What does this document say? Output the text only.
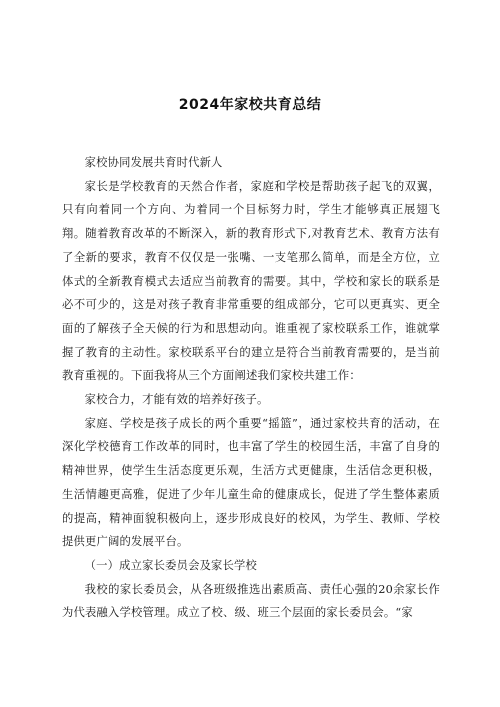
2024年家校共育总结

家校协同发展共育时代新人

家长是学校教育的天然合作者，家庭和学校是帮助孩子起飞的双翼，只有向着同一个方向、为着同一个目标努力时，学生才能够真正展翅飞翔。随着教育改革的不断深入，新的教育形式下,对教育艺术、教育方法有了全新的要求，教育不仅仅是一张嘴、一支笔那么简单，而是全方位，立体式的全新教育模式去适应当前教育的需要。其中，学校和家长的联系是必不可少的，这是对孩子教育非常重要的组成部分，它可以更真实、更全面的了解孩子全天候的行为和思想动向。谁重视了家校联系工作，谁就掌握了教育的主动性。家校联系平台的建立是符合当前教育需要的，是当前教育重视的。下面我将从三个方面阐述我们家校共建工作：

家校合力，才能有效的培养好孩子。

家庭、学校是孩子成长的两个重要“摇篮”，通过家校共育的活动，在深化学校德育工作改革的同时，也丰富了学生的校园生活，丰富了自身的精神世界，使学生生活态度更乐观，生活方式更健康，生活信念更积极，生活情趣更高雅，促进了少年儿童生命的健康成长，促进了学生整体素质的提高，精神面貌积极向上，逐步形成良好的校风，为学生、教师、学校提供更广阔的发展平台。

（一）成立家长委员会及家长学校

我校的家长委员会，从各班级推选出素质高、责任心强的20余家长作为代表融入学校管理。成立了校、级、班三个层面的家长委员会。“家
